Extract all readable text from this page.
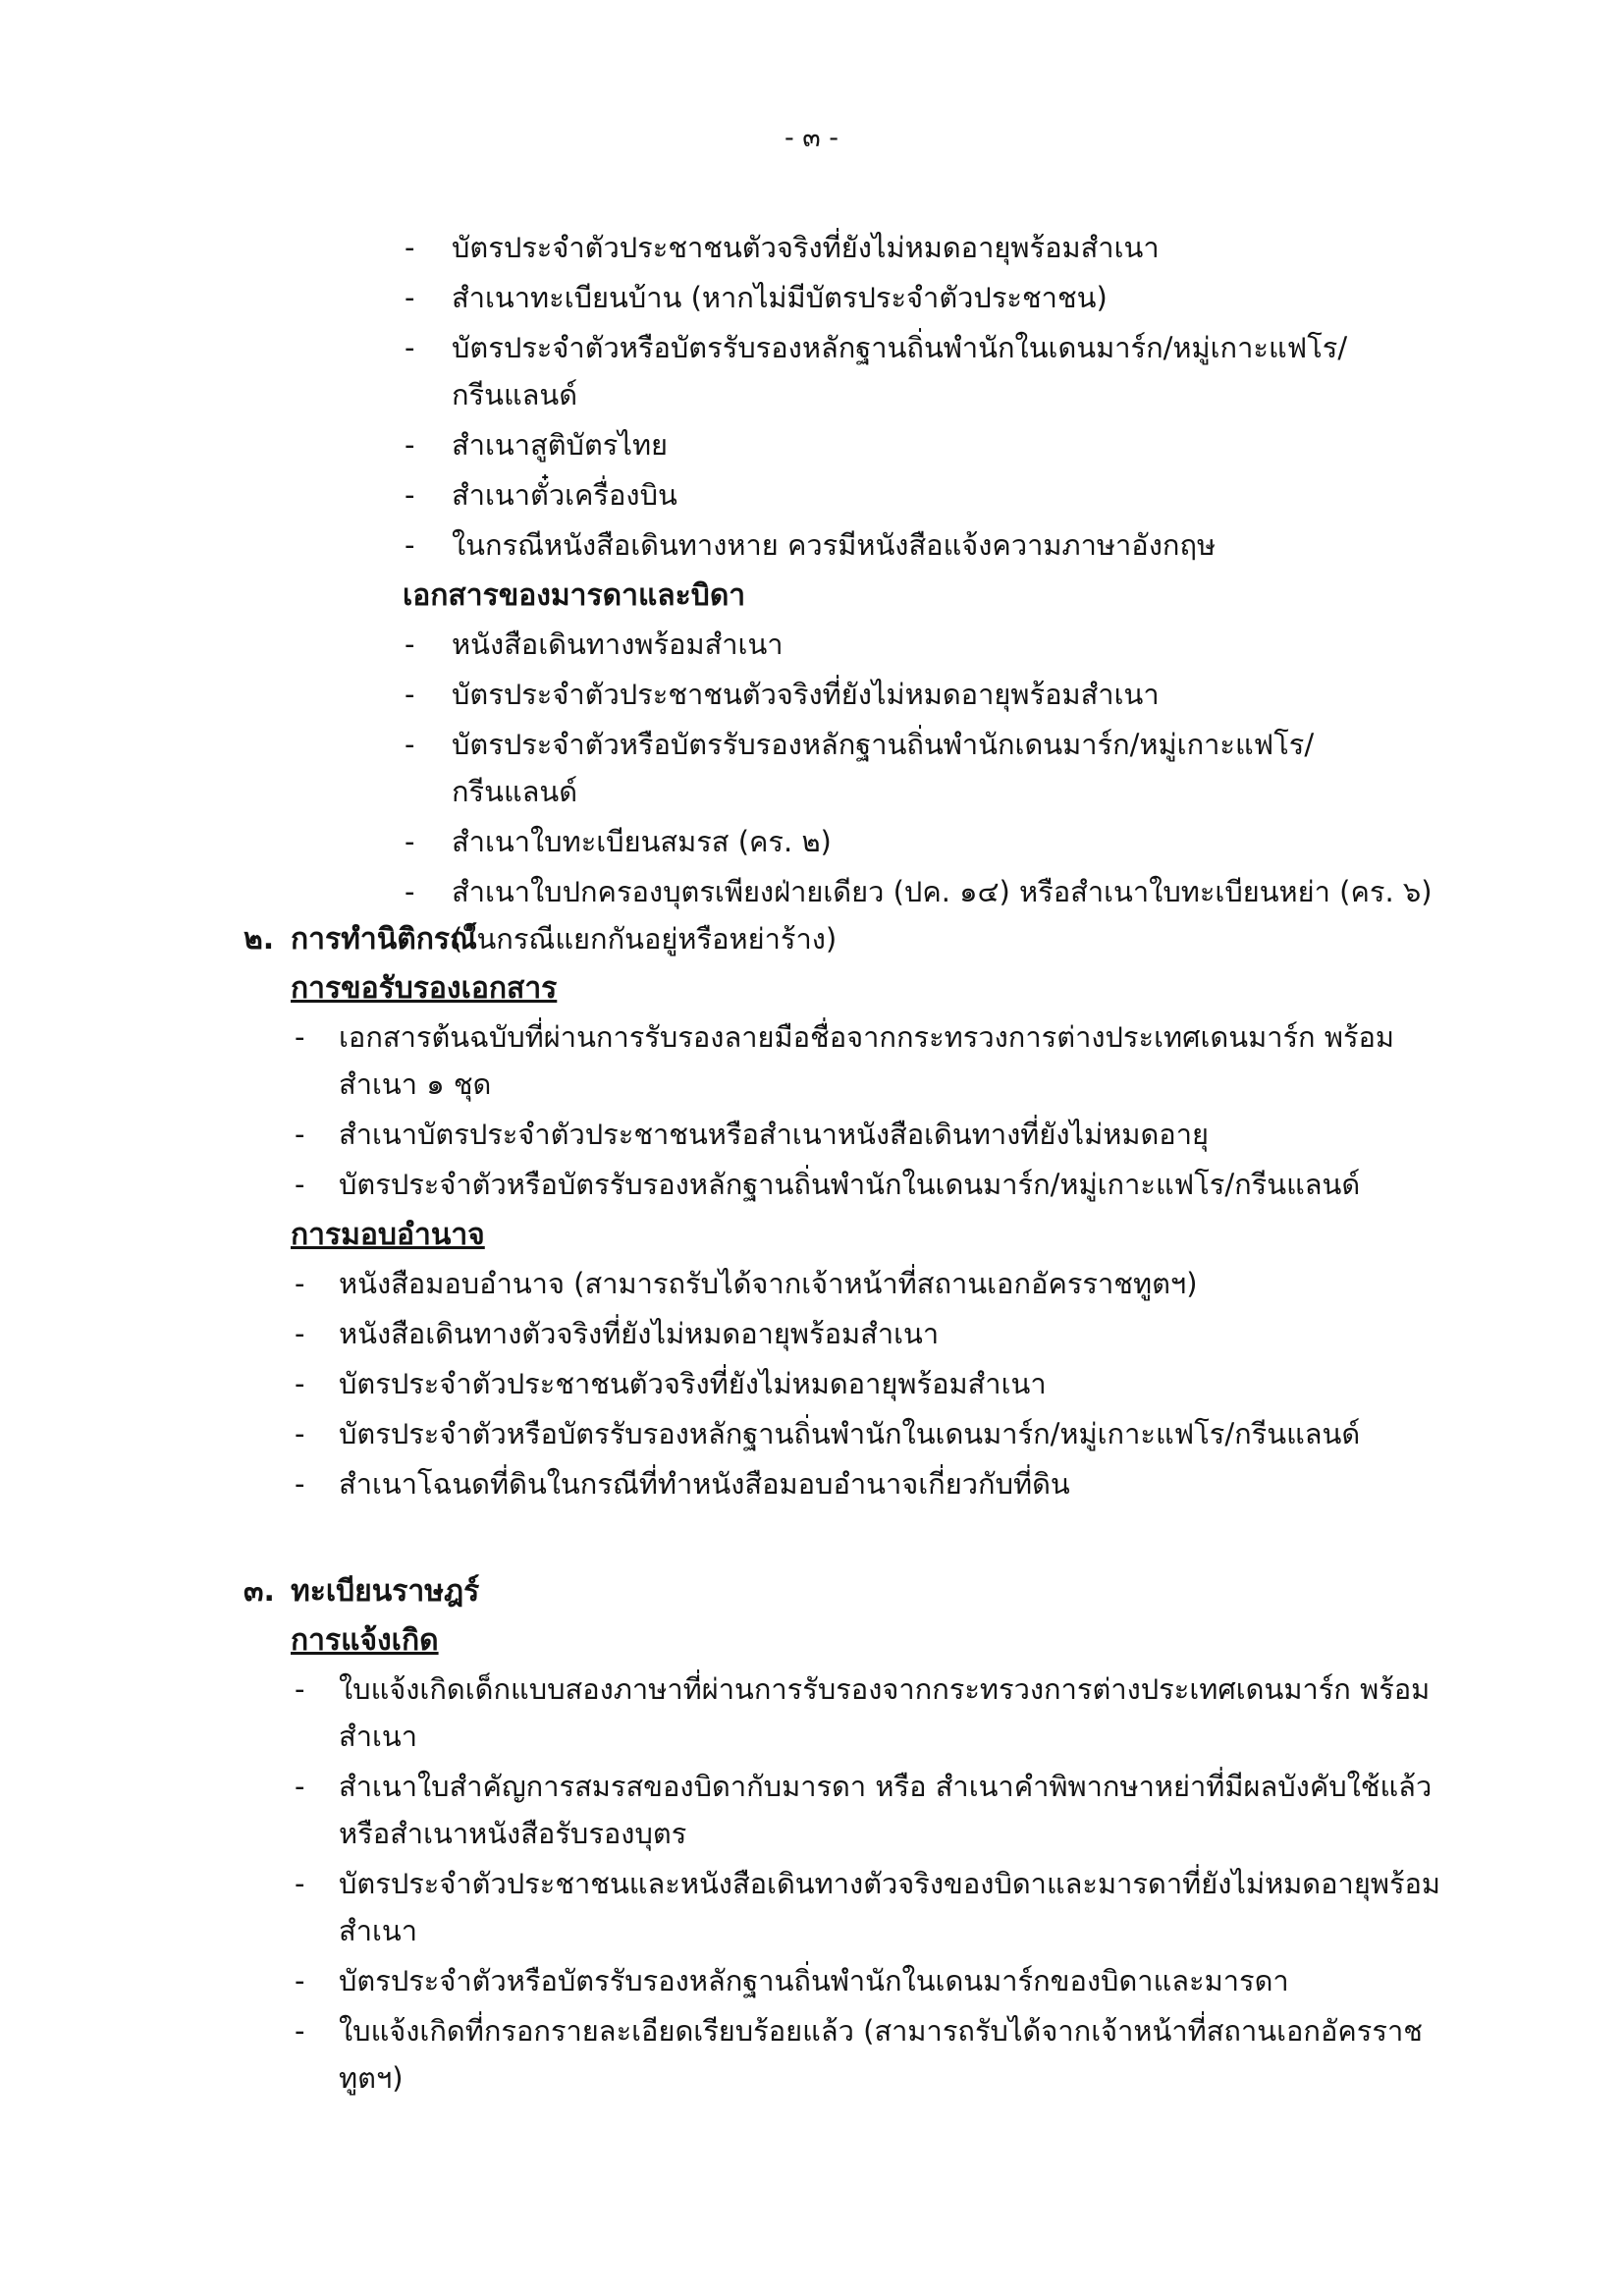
- ๓ -
- บัตรประจำตัวประชาชนตัวจริงที่ยังไม่หมดอายุพร้อมสำเนา
- สำเนาทะเบียนบ้าน (หากไม่มีบัตรประจำตัวประชาชน)
- บัตรประจำตัวหรือบัตรรับรองหลักฐานถิ่นพำนักในเดนมาร์ก/หมู่เกาะแฟโร/กรีนแลนด์
- สำเนาสูติบัตรไทย
- สำเนาตั๋วเครื่องบิน
- ในกรณีหนังสือเดินทางหาย ควรมีหนังสือแจ้งความภาษาอังกฤษ
เอกสารของมารดาและบิดา
- หนังสือเดินทางพร้อมสำเนา
- บัตรประจำตัวประชาชนตัวจริงที่ยังไม่หมดอายุพร้อมสำเนา
- บัตรประจำตัวหรือบัตรรับรองหลักฐานถิ่นพำนักเดนมาร์ก/หมู่เกาะแฟโร/กรีนแลนด์
- สำเนาใบทะเบียนสมรส (คร. ๒)
- สำเนาใบปกครองบุตรเพียงฝ่ายเดียว (ปค. ๑๔) หรือสำเนาใบทะเบียนหย่า (คร. ๖) (ในกรณีแยกกันอยู่หรือหย่าร้าง)
๒. การทำนิติกรณ์
การขอรับรองเอกสาร
- เอกสารต้นฉบับที่ผ่านการรับรองลายมือชื่อจากกระทรวงการต่างประเทศเดนมาร์ก พร้อมสำเนา ๑ ชุด
- สำเนาบัตรประจำตัวประชาชนหรือสำเนาหนังสือเดินทางที่ยังไม่หมดอายุ
- บัตรประจำตัวหรือบัตรรับรองหลักฐานถิ่นพำนักในเดนมาร์ก/หมู่เกาะแฟโร/กรีนแลนด์
การมอบอำนาจ
- หนังสือมอบอำนาจ (สามารถรับได้จากเจ้าหน้าที่สถานเอกอัครราชทูตฯ)
- หนังสือเดินทางตัวจริงที่ยังไม่หมดอายุพร้อมสำเนา
- บัตรประจำตัวประชาชนตัวจริงที่ยังไม่หมดอายุพร้อมสำเนา
- บัตรประจำตัวหรือบัตรรับรองหลักฐานถิ่นพำนักในเดนมาร์ก/หมู่เกาะแฟโร/กรีนแลนด์
- สำเนาโฉนดที่ดินในกรณีที่ทำหนังสือมอบอำนาจเกี่ยวกับที่ดิน
๓. ทะเบียนราษฎร์
การแจ้งเกิด
- ใบแจ้งเกิดเด็กแบบสองภาษาที่ผ่านการรับรองจากกระทรวงการต่างประเทศเดนมาร์ก พร้อมสำเนา
- สำเนาใบสำคัญการสมรสของบิดากับมารดา หรือ สำเนาคำพิพากษาหย่าที่มีผลบังคับใช้แล้ว หรือสำเนาหนังสือรับรองบุตร
- บัตรประจำตัวประชาชนและหนังสือเดินทางตัวจริงของบิดาและมารดาที่ยังไม่หมดอายุพร้อมสำเนา
- บัตรประจำตัวหรือบัตรรับรองหลักฐานถิ่นพำนักในเดนมาร์กของบิดาและมารดา
- ใบแจ้งเกิดที่กรอกรายละเอียดเรียบร้อยแล้ว (สามารถรับได้จากเจ้าหน้าที่สถานเอกอัครราชทูตฯ)
